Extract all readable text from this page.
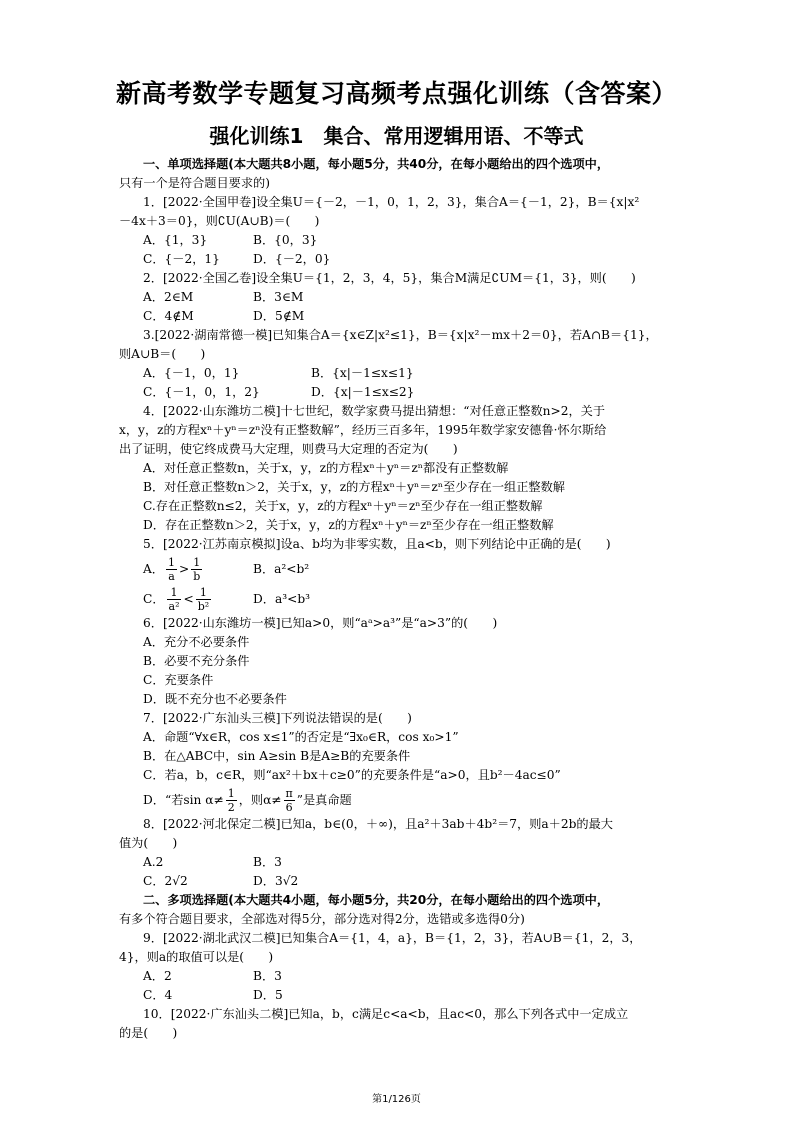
新高考数学专题复习高频考点强化训练（含答案）
强化训练1　集合、常用逻辑用语、不等式

一、单项选择题(本大题共8小题，每小题5分，共40分，在每小题给出的四个选项中，

只有一个是符合题目要求的)

1．[2022·全国甲卷]设全集U＝{－2，－1，0，1，2，3}，集合A＝{－1，2}，B＝{x|x²

－4x＋3＝0}，则∁U(A∪B)＝(　　)

A．{1，3}	B．{0，3}
C．{－2，1}	D．{－2，0}

2．[2022·全国乙卷]设全集U＝{1，2，3，4，5}，集合M满足∁UM＝{1，3}，则(　　)

A．2∈M	B．3∈M
C．4∉M	D．5∉M

3.[2022·湖南常德一模]已知集合A＝{x∈Z|x²≤1}，B＝{x|x²－mx＋2＝0}，若A∩B＝{1}，

则A∪B＝(　　)

A．{－1，0，1}	B．{x|－1≤x≤1}
C．{－1，0，1，2}	D．{x|－1≤x≤2}

4．[2022·山东潍坊二模]十七世纪，数学家费马提出猜想：“对任意正整数n>2，关于

x，y，z的方程xⁿ＋yⁿ＝zⁿ没有正整数解”，经历三百多年，1995年数学家安德鲁·怀尔斯给

出了证明，使它终成费马大定理，则费马大定理的否定为(　　)

A．对任意正整数n，关于x，y，z的方程xⁿ＋yⁿ＝zⁿ都没有正整数解

B．对任意正整数n＞2，关于x，y，z的方程xⁿ＋yⁿ＝zⁿ至少存在一组正整数解

C.存在正整数n≤2，关于x，y，z的方程xⁿ＋yⁿ＝zⁿ至少存在一组正整数解

D．存在正整数n＞2，关于x，y，z的方程xⁿ＋yⁿ＝zⁿ至少存在一组正整数解

5．[2022·江苏南京模拟]设a、b均为非零实数，且a<b，则下列结论中正确的是(　　)

A． $\frac{1}{a} > \frac{1}{b}$	B．a²<b²
C． $\frac{1}{\text{a²}} < \frac{1}{\text{b²}}$	D．a³<b³

6．[2022·山东潍坊一模]已知a>0，则“aᵃ>a³”是“a>3”的(　　)

A．充分不必要条件

B．必要不充分条件

C．充要条件

D．既不充分也不必要条件

7．[2022·广东汕头三模]下列说法错误的是(　　)

A．命题“∀x∈R，cos x≤1”的否定是“∃x₀∈R，cos x₀>1”

B．在△ABC中，sin A≥sin B是A≥B的充要条件

C．若a，b，c∈R，则“ax²＋bx＋c≥0”的充要条件是“a>0，且b²－4ac≤0”

D．“若$\sin \alpha\ne \frac{1}{2}$ ，则$\alpha\ne \frac{\pi}{6}$ ”是真命题

8．[2022·河北保定二模]已知a，b∈(0，＋∞)，且a²＋3ab＋4b²＝7，则a＋2b的最大

值为(　　)

A.2	B．3
C．2√2	D．3√2

二、多项选择题(本大题共4小题，每小题5分，共20分，在每小题给出的四个选项中，

有多个符合题目要求，全部选对得5分，部分选对得2分，选错或多选得0分)

9．[2022·湖北武汉二模]已知集合A＝{1，4，a}，B＝{1，2，3}，若A∪B＝{1，2，3，

4}，则a的取值可以是(　　)

A．2	B．3
C．4	D．5

10．[2022·广东汕头二模]已知a，b，c满足c<a<b，且ac<0，那么下列各式中一定成立

的是(　　)

第1/126页
